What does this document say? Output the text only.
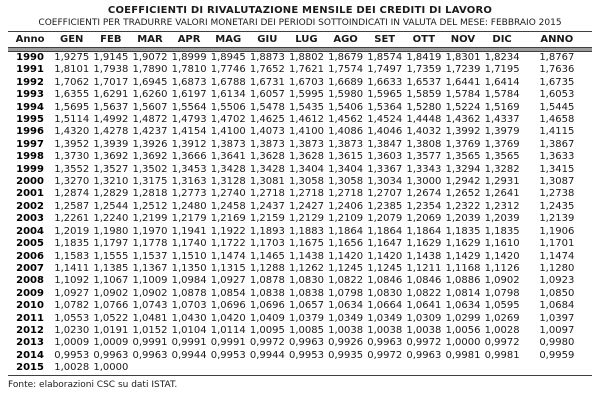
COEFFICIENTI DI RIVALUTAZIONE MENSILE DEI CREDITI DI LAVORO
COEFFICIENTI PER TRADURRE VALORI MONETARI DEI PERIODI SOTTOINDICATI IN VALUTA DEL MESE: FEBBRAIO 2015
Anno	GEN	FEB	MAR	APR	MAG	GIU	LUG	AGO	SET	OTT	NOV	DIC	ANNO

1990	1,9275	1,9145	1,9072	1,8999	1,8945	1,8873	1,8802	1,8679	1,8574	1,8419	1,8301	1,8234	1,8767
1991	1,8101	1,7938	1,7890	1,7810	1,7746	1,7652	1,7621	1,7574	1,7497	1,7359	1,7239	1,7195	1,7636
1992	1,7062	1,7017	1,6945	1,6873	1,6788	1,6731	1,6703	1,6689	1,6633	1,6537	1,6441	1,6414	1,6735
1993	1,6355	1,6291	1,6260	1,6197	1,6134	1,6057	1,5995	1,5980	1,5965	1,5859	1,5784	1,5784	1,6053
1994	1,5695	1,5637	1,5607	1,5564	1,5506	1,5478	1,5435	1,5406	1,5364	1,5280	1,5224	1,5169	1,5445
1995	1,5114	1,4992	1,4872	1,4793	1,4702	1,4625	1,4612	1,4562	1,4524	1,4448	1,4362	1,4337	1,4658
1996	1,4320	1,4278	1,4237	1,4154	1,4100	1,4073	1,4100	1,4086	1,4046	1,4032	1,3992	1,3979	1,4115
1997	1,3952	1,3939	1,3926	1,3912	1,3873	1,3873	1,3873	1,3873	1,3847	1,3808	1,3769	1,3769	1,3867
1998	1,3730	1,3692	1,3692	1,3666	1,3641	1,3628	1,3628	1,3615	1,3603	1,3577	1,3565	1,3565	1,3633
1999	1,3552	1,3527	1,3502	1,3453	1,3428	1,3428	1,3404	1,3404	1,3367	1,3343	1,3294	1,3282	1,3415
2000	1,3270	1,3210	1,3175	1,3163	1,3128	1,3081	1,3058	1,3058	1,3034	1,3000	1,2942	1,2931	1,3087
2001	1,2874	1,2829	1,2818	1,2773	1,2740	1,2718	1,2718	1,2718	1,2707	1,2674	1,2652	1,2641	1,2738
2002	1,2587	1,2544	1,2512	1,2480	1,2458	1,2437	1,2427	1,2406	1,2385	1,2354	1,2322	1,2312	1,2435
2003	1,2261	1,2240	1,2199	1,2179	1,2169	1,2159	1,2129	1,2109	1,2079	1,2069	1,2039	1,2039	1,2139
2004	1,2019	1,1980	1,1970	1,1941	1,1922	1,1893	1,1883	1,1864	1,1864	1,1864	1,1835	1,1835	1,1906
2005	1,1835	1,1797	1,1778	1,1740	1,1722	1,1703	1,1675	1,1656	1,1647	1,1629	1,1629	1,1610	1,1701
2006	1,1583	1,1555	1,1537	1,1510	1,1474	1,1465	1,1438	1,1420	1,1420	1,1438	1,1429	1,1420	1,1474
2007	1,1411	1,1385	1,1367	1,1350	1,1315	1,1288	1,1262	1,1245	1,1245	1,1211	1,1168	1,1126	1,1280
2008	1,1092	1,1067	1,1009	1,0984	1,0927	1,0878	1,0830	1,0822	1,0846	1,0846	1,0886	1,0902	1,0923
2009	1,0927	1,0902	1,0902	1,0878	1,0854	1,0838	1,0838	1,0798	1,0830	1,0822	1,0814	1,0798	1,0850
2010	1,0782	1,0766	1,0743	1,0703	1,0696	1,0696	1,0657	1,0634	1,0664	1,0641	1,0634	1,0595	1,0684
2011	1,0553	1,0522	1,0481	1,0430	1,0420	1,0409	1,0379	1,0349	1,0349	1,0309	1,0299	1,0269	1,0397
2012	1,0230	1,0191	1,0152	1,0104	1,0114	1,0095	1,0085	1,0038	1,0038	1,0038	1,0056	1,0028	1,0097
2013	1,0009	1,0009	0,9991	0,9991	0,9991	0,9972	0,9963	0,9926	0,9963	0,9972	1,0000	0,9972	0,9980
2014	0,9953	0,9963	0,9963	0,9944	0,9953	0,9944	0,9953	0,9935	0,9972	0,9963	0,9981	0,9981	0,9959
2015	1,0028	1,0000											
Fonte: elaborazioni CSC su dati ISTAT.
